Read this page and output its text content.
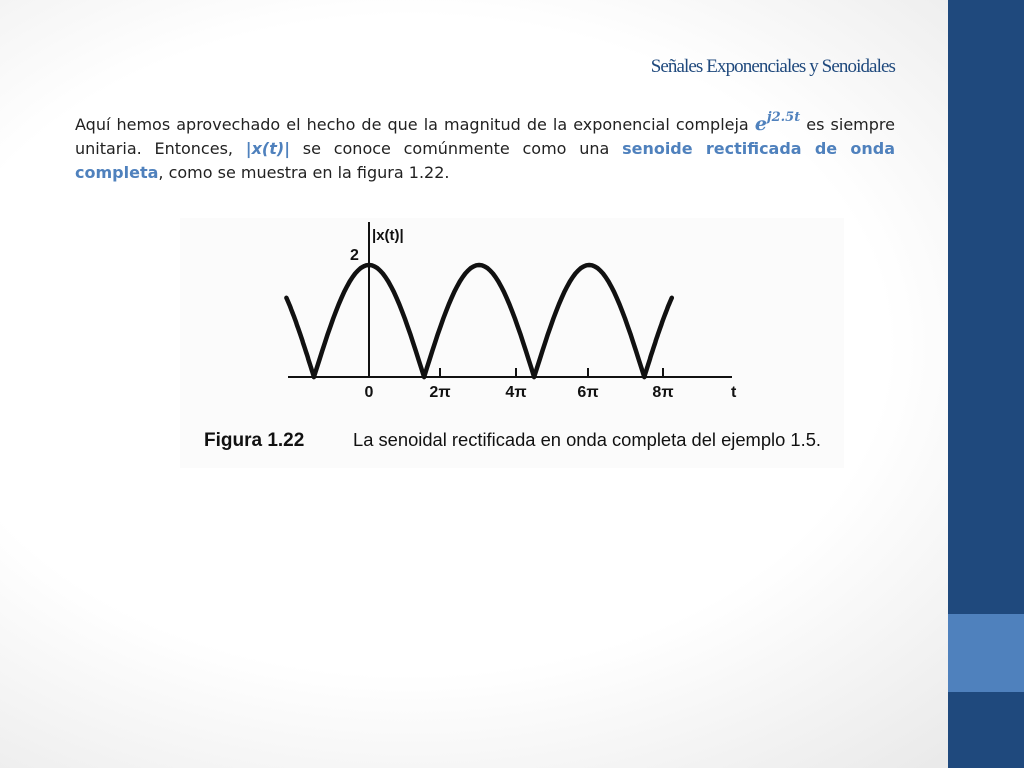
Señales Exponenciales y Senoidales
Aquí hemos aprovechado el hecho de que la magnitud de la exponencial compleja $e^{j2.5t}$ es siempre unitaria. Entonces, |x(t)| se conoce comúnmente como una senoide rectificada de onda completa, como se muestra en la figura 1.22.
|x(t)|
2
t
0	2π	4π	6π	8π
Figura 1.22	La senoidal rectificada en onda completa del ejemplo 1.5.
